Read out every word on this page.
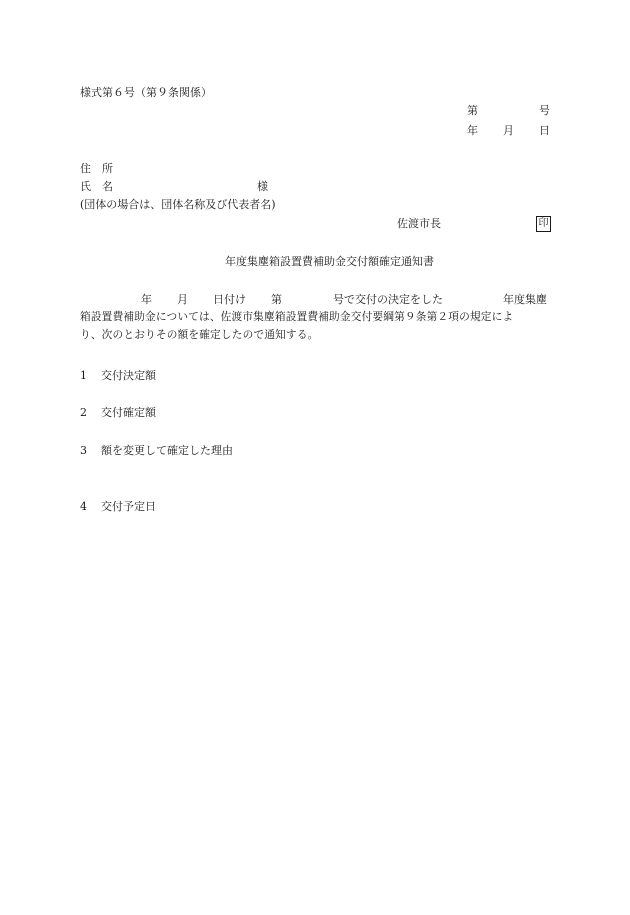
様式第６号（第９条関係）
第	号
年 月 日
住　所
氏　名	様
(団体の場合は、団体名称及び代表者名)
佐渡市長	印
年度集塵箱設置費補助金交付額確定通知書
年 月 日付け 第	号で交付の決定をした	年度集塵
箱設置費補助金については、佐渡市集塵箱設置費補助金交付要綱第９条第２項の規定によ
り、次のとおりその額を確定したので通知する。
1 交付決定額
2 交付確定額
3 額を変更して確定した理由
4 交付予定日
